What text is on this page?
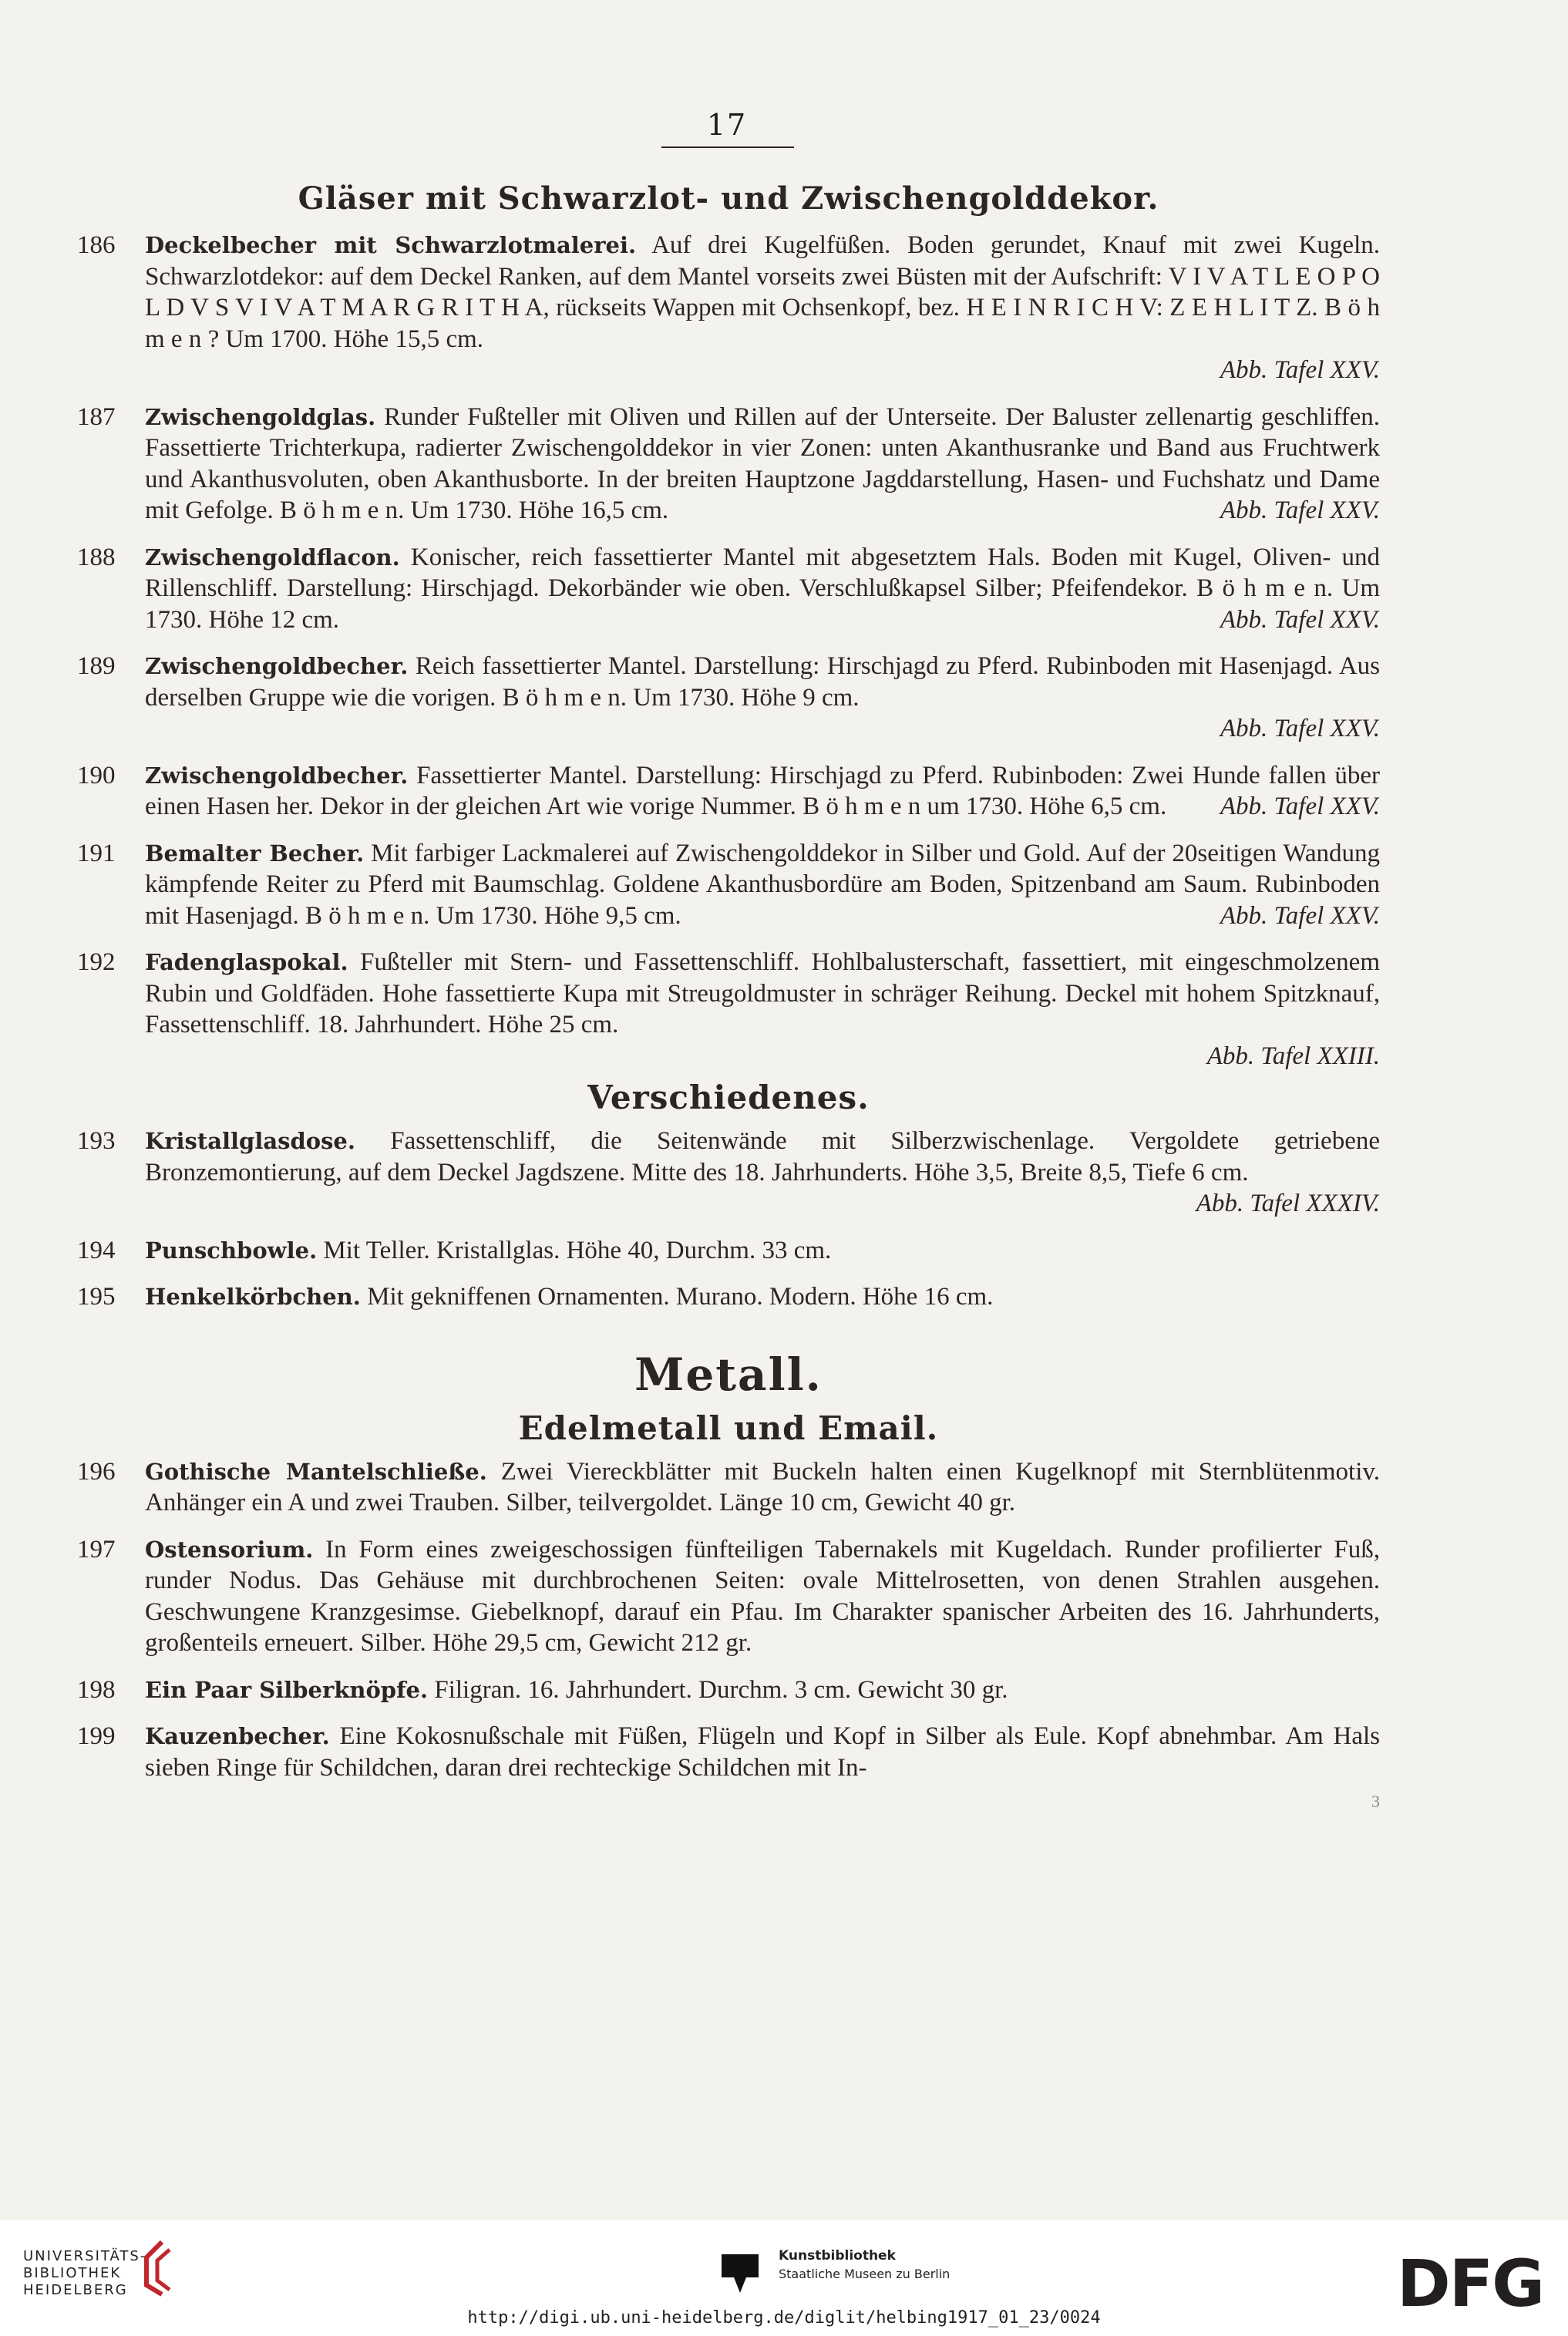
17
Gläser mit Schwarzlot- und Zwischengolddekor.
186	Deckelbecher mit Schwarzlotmalerei. Auf drei Kugelfüßen. Boden gerundet, Knauf mit zwei Kugeln. Schwarzlotdekor: auf dem Deckel Ranken, auf dem Mantel vorseits zwei Büsten mit der Aufschrift: V I V A T L E O P O L D V S V I V A T M A R G R I T H A, rückseits Wappen mit Ochsenkopf, bez. H E I N R I C H V: Z E H L I T Z. B ö h m e n ? Um 1700. Höhe 15,5 cm.
Abb. Tafel XXV.
187	Zwischengoldglas. Runder Fußteller mit Oliven und Rillen auf der Unterseite. Der Baluster zellenartig geschliffen. Fassettierte Trichterkupa, radierter Zwischengolddekor in vier Zonen: unten Akanthusranke und Band aus Fruchtwerk und Akanthusvoluten, oben Akanthusborte. In der breiten Hauptzone Jagddarstellung, Hasen- und Fuchshatz und Dame mit Gefolge. B ö h m e n. Um 1730. Höhe 16,5 cm.	Abb. Tafel XXV.
188	Zwischengoldflacon. Konischer, reich fassettierter Mantel mit abgesetztem Hals. Boden mit Kugel, Oliven- und Rillenschliff. Darstellung: Hirschjagd. Dekorbänder wie oben. Verschlußkapsel Silber; Pfeifendekor. B ö h m e n. Um 1730. Höhe 12 cm.	Abb. Tafel XXV.
189	Zwischengoldbecher. Reich fassettierter Mantel. Darstellung: Hirschjagd zu Pferd. Rubinboden mit Hasenjagd. Aus derselben Gruppe wie die vorigen. B ö h m e n. Um 1730. Höhe 9 cm.
Abb. Tafel XXV.
190	Zwischengoldbecher. Fassettierter Mantel. Darstellung: Hirschjagd zu Pferd. Rubinboden: Zwei Hunde fallen über einen Hasen her. Dekor in der gleichen Art wie vorige Nummer. B ö h m e n um 1730. Höhe 6,5 cm. Abb. Tafel XXV.
191	Bemalter Becher. Mit farbiger Lackmalerei auf Zwischengolddekor in Silber und Gold. Auf der 20seitigen Wandung kämpfende Reiter zu Pferd mit Baumschlag. Goldene Akanthusbordüre am Boden, Spitzenband am Saum. Rubinboden mit Hasenjagd. B ö h m e n. Um 1730. Höhe 9,5 cm.	Abb. Tafel XXV.
192	Fadenglaspokal. Fußteller mit Stern- und Fassettenschliff. Hohlbalusterschaft, fassettiert, mit eingeschmolzenem Rubin und Goldfäden. Hohe fassettierte Kupa mit Streugoldmuster in schräger Reihung. Deckel mit hohem Spitzknauf, Fassettenschliff. 18. Jahrhundert. Höhe 25 cm.
Abb. Tafel XXIII.
Verschiedenes.
193	Kristallglasdose. Fassettenschliff, die Seitenwände mit Silberzwischenlage. Vergoldete getriebene Bronzemontierung, auf dem Deckel Jagdszene. Mitte des 18. Jahrhunderts. Höhe 3,5, Breite 8,5, Tiefe 6 cm.
Abb. Tafel XXXIV.
194	Punschbowle. Mit Teller. Kristallglas. Höhe 40, Durchm. 33 cm.
195	Henkelkörbchen. Mit gekniffenen Ornamenten. Murano. Modern. Höhe 16 cm.
Metall.
Edelmetall und Email.
196	Gothische Mantelschließe. Zwei Viereckblätter mit Buckeln halten einen Kugelknopf mit Sternblütenmotiv. Anhänger ein A und zwei Trauben. Silber, teilvergoldet. Länge 10 cm, Gewicht 40 gr.
197	Ostensorium. In Form eines zweigeschossigen fünfteiligen Tabernakels mit Kugeldach. Runder profilierter Fuß, runder Nodus. Das Gehäuse mit durchbrochenen Seiten: ovale Mittelrosetten, von denen Strahlen ausgehen. Geschwungene Kranzgesimse. Giebelknopf, darauf ein Pfau. Im Charakter spanischer Arbeiten des 16. Jahrhunderts, großenteils erneuert. Silber. Höhe 29,5 cm, Gewicht 212 gr.
198	Ein Paar Silberknöpfe. Filigran. 16. Jahrhundert. Durchm. 3 cm. Gewicht 30 gr.
199	Kauzenbecher. Eine Kokosnußschale mit Füßen, Flügeln und Kopf in Silber als Eule. Kopf abnehmbar. Am Hals sieben Ringe für Schildchen, daran drei rechteckige Schildchen mit In-
3
UNIVERSITÄTS-
BIBLIOTHEK
HEIDELBERG
Kunstbibliothek
Staatliche Museen zu Berlin	DFG
http://digi.ub.uni-heidelberg.de/diglit/helbing1917_01_23/0024
